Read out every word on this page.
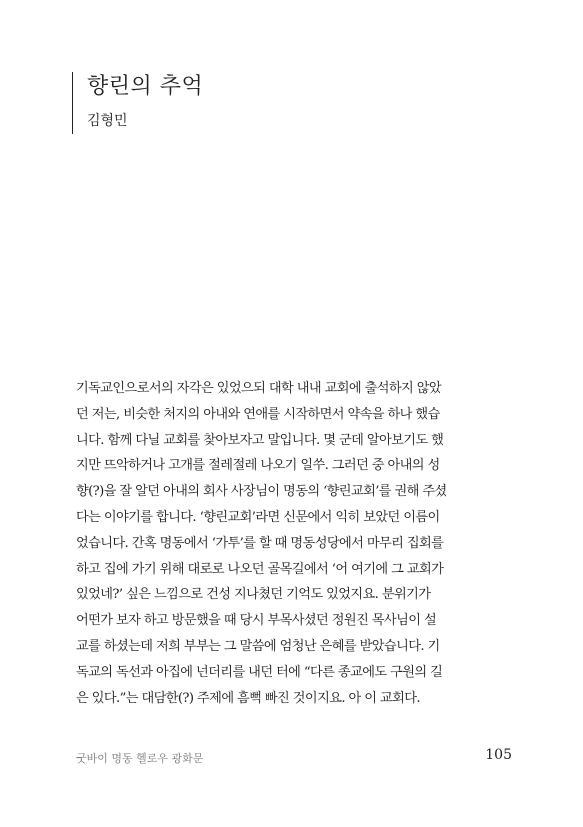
향린의 추억
김형민
기독교인으로서의 자각은 있었으되 대학 내내 교회에 출석하지 않았
던 저는, 비슷한 처지의 아내와 연애를 시작하면서 약속을 하나 했습
니다. 함께 다닐 교회를 찾아보자고 말입니다. 몇 군데 알아보기도 했
지만 뜨악하거나 고개를 절레절레 나오기 일쑤. 그러던 중 아내의 성
향(?)을 잘 알던 아내의 회사 사장님이 명동의 ‘향린교회’를 권해 주셨
다는 이야기를 합니다. ‘향린교회’라면 신문에서 익히 보았던 이름이
었습니다. 간혹 명동에서 ‘가투’를 할 때 명동성당에서 마무리 집회를
하고 집에 가기 위해 대로로 나오던 골목길에서 ‘어 여기에 그 교회가
있었네?’ 싶은 느낌으로 건성 지나쳤던 기억도 있었지요. 분위기가
어떤가 보자 하고 방문했을 때 당시 부목사셨던 정원진 목사님이 설
교를 하셨는데 저희 부부는 그 말씀에 엄청난 은혜를 받았습니다. 기
독교의 독선과 아집에 넌더리를 내던 터에 “다른 종교에도 구원의 길
은 있다.”는 대담한(?) 주제에 흠뻑 빠진 것이지요. 아 이 교회다.
굿바이 명동 헬로우 광화문	105
